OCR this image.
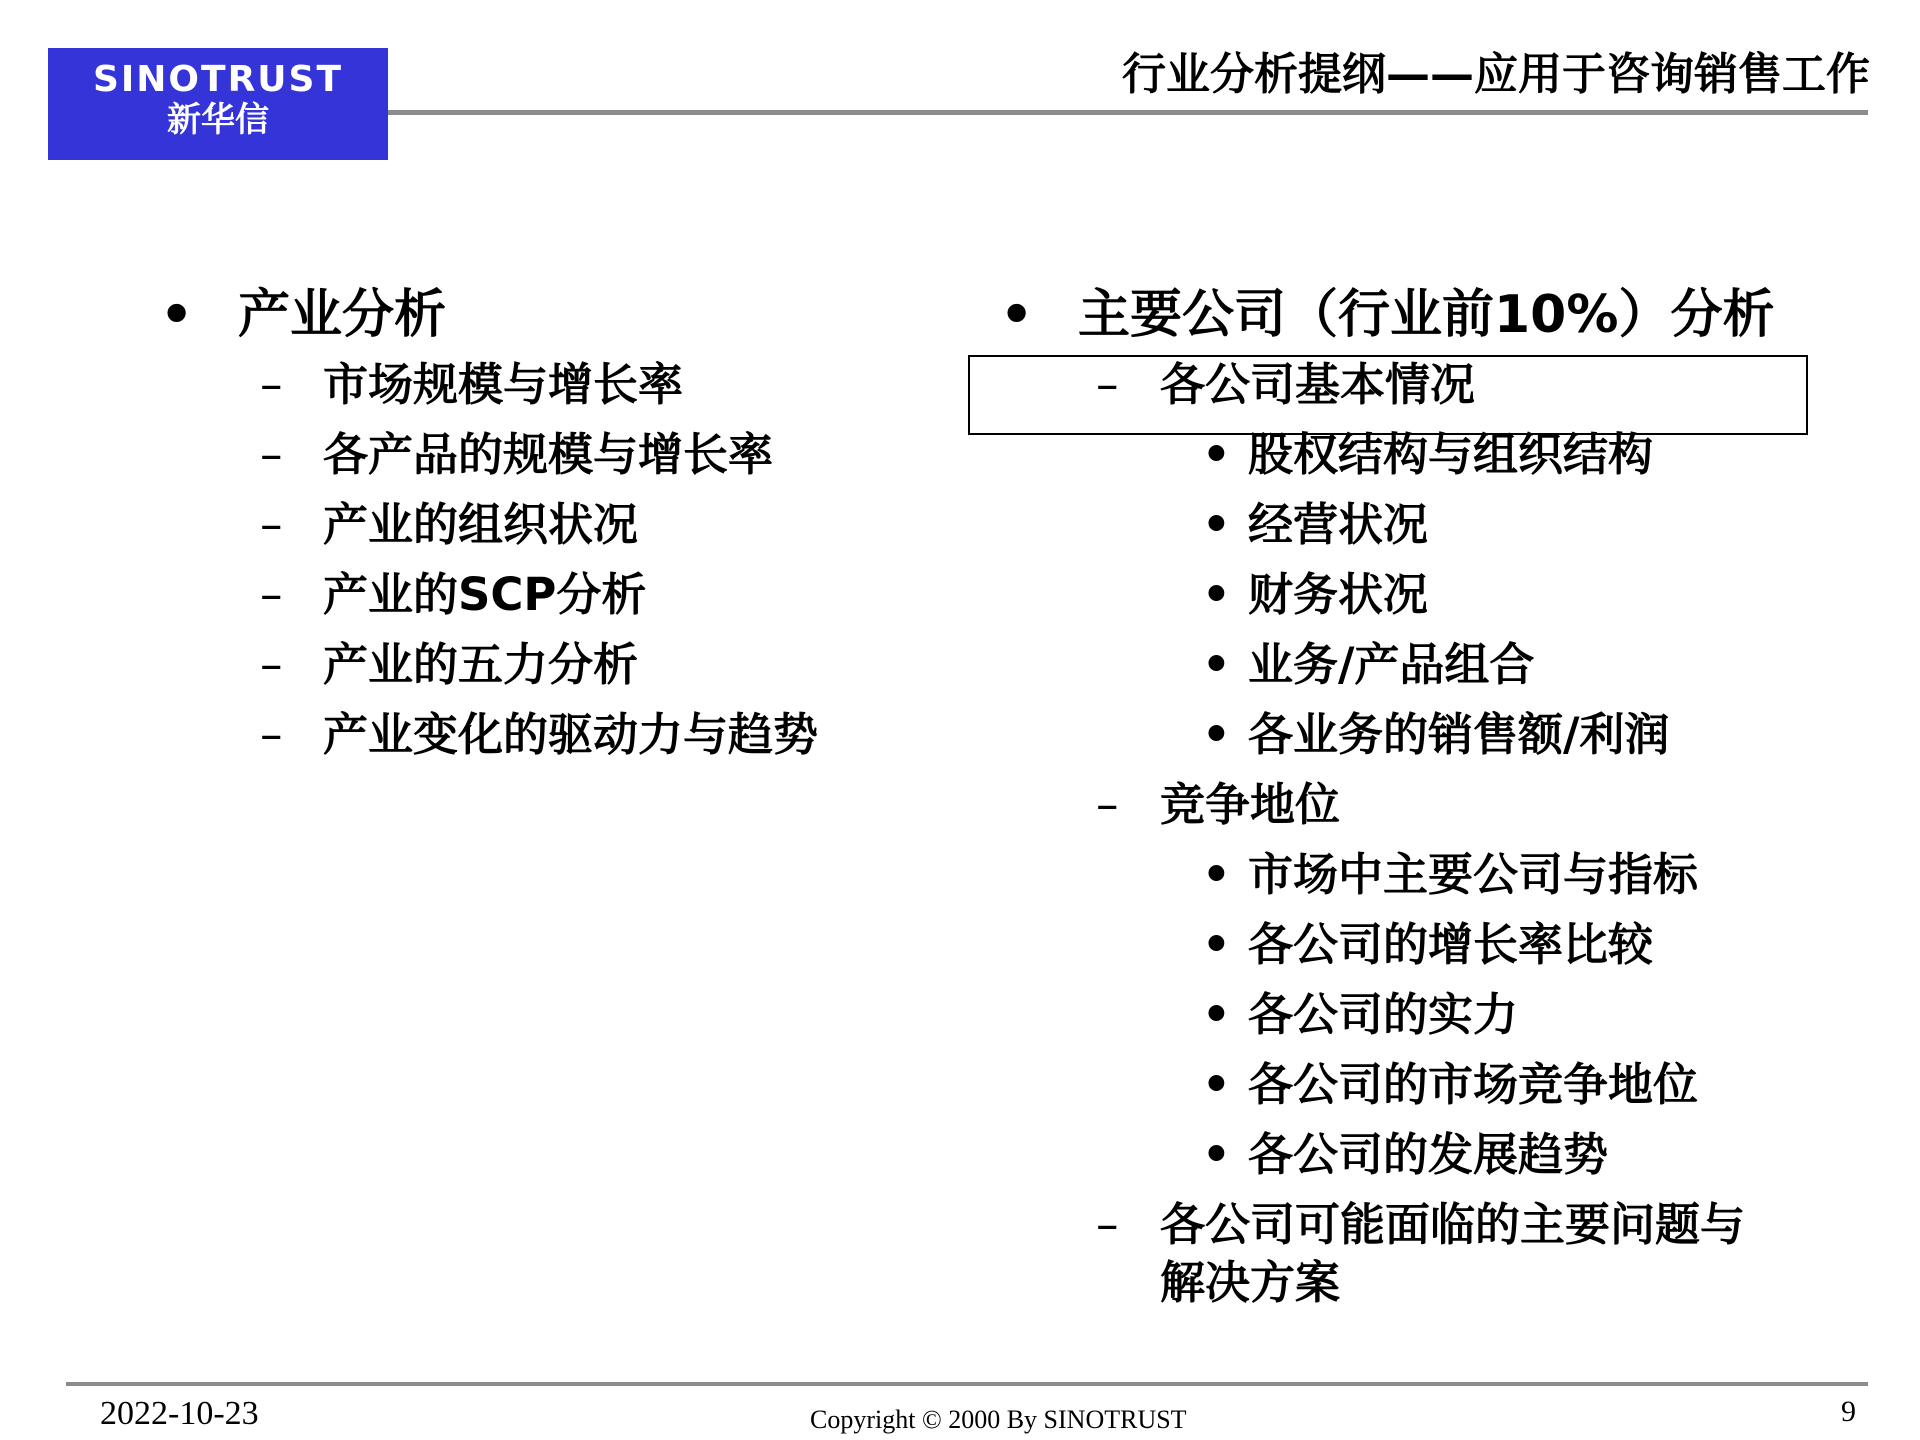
SINOTRUST
新华信
行业分析提纲——应用于咨询销售工作
• 产业分析
– 市场规模与增长率
– 各产品的规模与增长率
– 产业的组织状况
– 产业的SCP分析
– 产业的五力分析
– 产业变化的驱动力与趋势
• 主要公司（行业前10%）分析
– 各公司基本情况
• 股权结构与组织结构
• 经营状况
• 财务状况
• 业务/产品组合
• 各业务的销售额/利润
– 竞争地位
• 市场中主要公司与指标
• 各公司的增长率比较
• 各公司的实力
• 各公司的市场竞争地位
• 各公司的发展趋势
– 各公司可能面临的主要问题与解决方案
2022-10-23	Copyright © 2000 By SINOTRUST	9
